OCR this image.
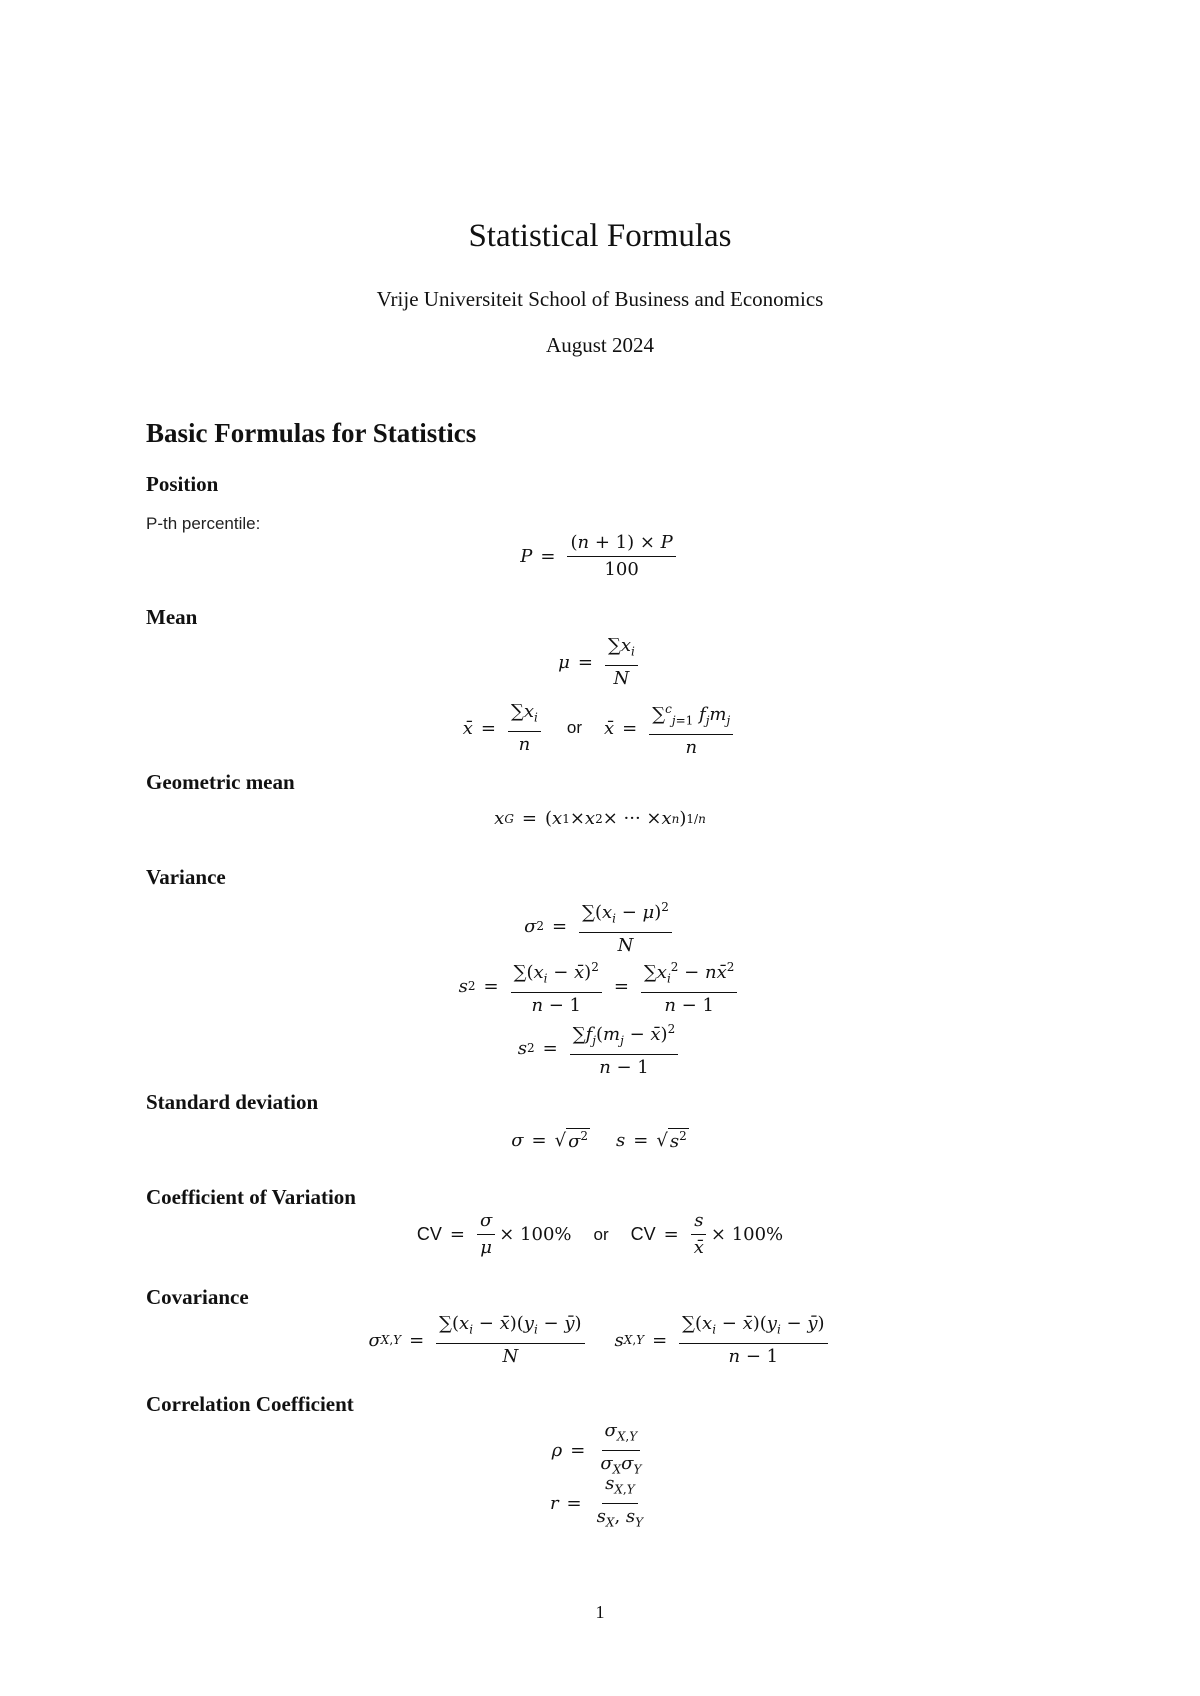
Statistical Formulas
Vrije Universiteit School of Business and Economics
August 2024
Basic Formulas for Statistics
Position
P-th percentile:
$P = \frac{(n + 1) \times P}{100}$
Mean
$\mu = \frac{\sum x_i}{N}$
x̄ = $\frac{\sum x_i}{n}$ or x̄ = $\frac{\sum^c_{j=1} f_jm_j}{n}$
Geometric mean
x G = ( x 1 × x 2 × ··· × x n ) 1/n
Variance
σ $2 = \frac{\sum(x_i - \mu)^2}{N}$
s $2 = \frac{\sum(x_i - x̄)^2}{n - 1} = \frac{\sum x_i^2 - nx̄^2}{n - 1}$
s $2 = \frac{\sum f_j(m_j - x̄)^2}{n - 1}$
Standard deviation
σ = √ $\sigma^2$ s = √ $s^2$
Coefficient of Variation
CV = $\frac{\sigma}{\mu} \times 100\%$ or CV = $\frac{s}{x̄} \times 100\%$
Covariance
σ $X,Y = \frac{\sum(x_i - x̄)(y_i - ȳ)}{N}$ s $X,Y = \frac{\sum(x_i - x̄)(y_i - ȳ)}{n - 1}$
Correlation Coefficient
$\rho = \frac{\sigma_{X,Y}}{\sigma_X\sigma_Y}$
$r = \frac{s_{X,Y}}{s_X, s_Y}$
1
